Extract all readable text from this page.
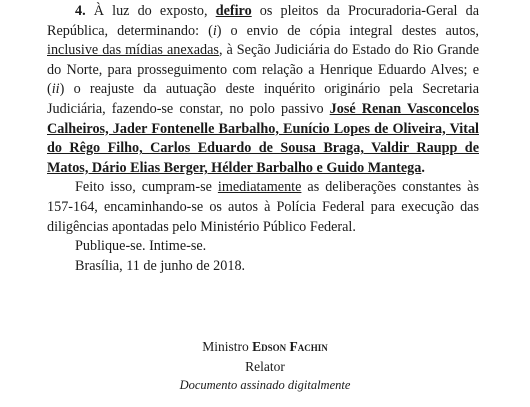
4. À luz do exposto, defiro os pleitos da Procuradoria-Geral da República, determinando: (i) o envio de cópia integral destes autos, inclusive das mídias anexadas, à Seção Judiciária do Estado do Rio Grande do Norte, para prosseguimento com relação a Henrique Eduardo Alves; e (ii) o reajuste da autuação deste inquérito originário pela Secretaria Judiciária, fazendo-se constar, no polo passivo José Renan Vasconcelos Calheiros, Jader Fontenelle Barbalho, Eunício Lopes de Oliveira, Vital do Rêgo Filho, Carlos Eduardo de Sousa Braga, Valdir Raupp de Matos, Dário Elias Berger, Hélder Barbalho e Guido Mantega.

Feito isso, cumpram-se imediatamente as deliberações constantes às 157-164, encaminhando-se os autos à Polícia Federal para execução das diligências apontadas pelo Ministério Público Federal.

Publique-se. Intime-se.

Brasília, 11 de junho de 2018.

Ministro Edson Fachin
Relator
Documento assinado digitalmente
